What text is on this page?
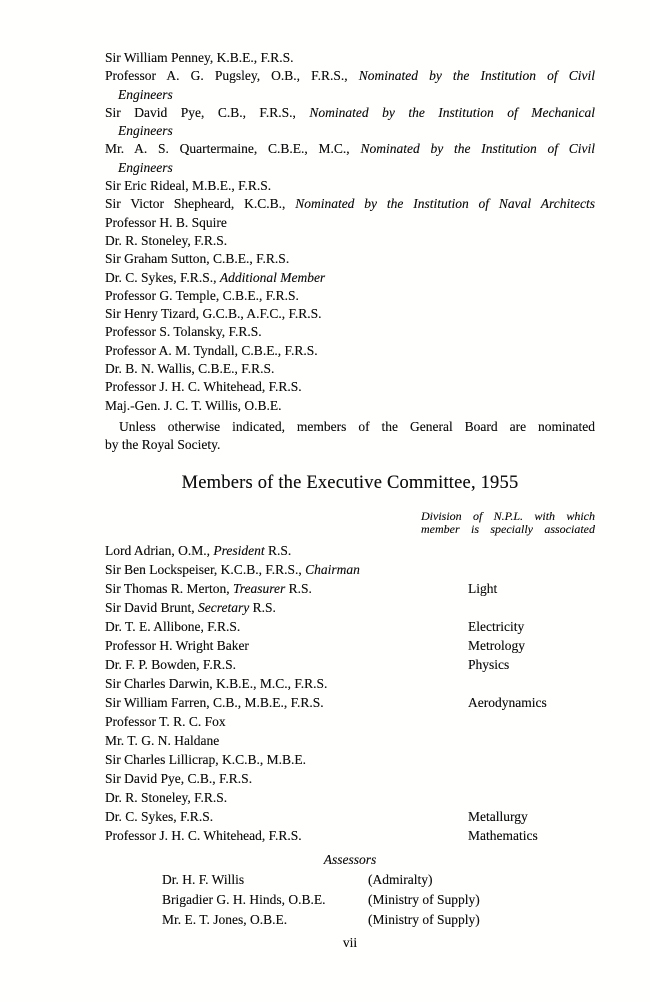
Sir William Penney, K.B.E., F.R.S.
Professor A. G. Pugsley, O.B., F.R.S., Nominated by the Institution of Civil
Engineers
Sir David Pye, C.B., F.R.S., Nominated by the Institution of Mechanical
Engineers
Mr. A. S. Quartermaine, C.B.E., M.C., Nominated by the Institution of Civil
Engineers
Sir Eric Rideal, M.B.E., F.R.S.
Sir Victor Shepheard, K.C.B., Nominated by the Institution of Naval Architects
Professor H. B. Squire
Dr. R. Stoneley, F.R.S.
Sir Graham Sutton, C.B.E., F.R.S.
Dr. C. Sykes, F.R.S., Additional Member
Professor G. Temple, C.B.E., F.R.S.
Sir Henry Tizard, G.C.B., A.F.C., F.R.S.
Professor S. Tolansky, F.R.S.
Professor A. M. Tyndall, C.B.E., F.R.S.
Dr. B. N. Wallis, C.B.E., F.R.S.
Professor J. H. C. Whitehead, F.R.S.
Maj.-Gen. J. C. T. Willis, O.B.E.
Unless otherwise indicated, members of the General Board are nominated
by the Royal Society.
Members of the Executive Committee, 1955
Division of N.P.L. with which
member is specially associated
Lord Adrian, O.M., President R.S.
Sir Ben Lockspeiser, K.C.B., F.R.S., Chairman
Sir Thomas R. Merton, Treasurer R.S.	Light
Sir David Brunt, Secretary R.S.
Dr. T. E. Allibone, F.R.S.	Electricity
Professor H. Wright Baker	Metrology
Dr. F. P. Bowden, F.R.S.	Physics
Sir Charles Darwin, K.B.E., M.C., F.R.S.
Sir William Farren, C.B., M.B.E., F.R.S.	Aerodynamics
Professor T. R. C. Fox
Mr. T. G. N. Haldane
Sir Charles Lillicrap, K.C.B., M.B.E.
Sir David Pye, C.B., F.R.S.
Dr. R. Stoneley, F.R.S.
Dr. C. Sykes, F.R.S.	Metallurgy
Professor J. H. C. Whitehead, F.R.S.	Mathematics
Assessors
Dr. H. F. Willis	(Admiralty)
Brigadier G. H. Hinds, O.B.E.	(Ministry of Supply)
Mr. E. T. Jones, O.B.E.	(Ministry of Supply)
vii
